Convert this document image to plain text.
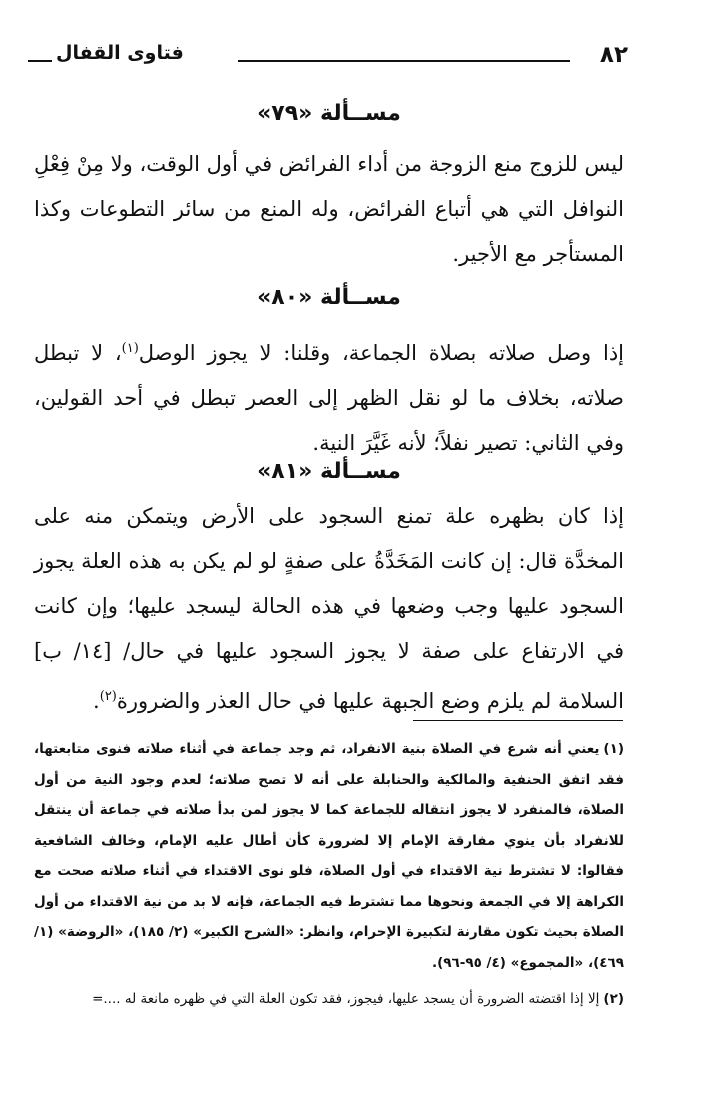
٨٢
فتاوى القفال

مســألة «٧٩»

ليس للزوج منع الزوجة من أداء الفرائض في أول الوقت، ولا مِنْ فِعْلِ النوافل التي هي أتباع الفرائض، وله المنع من سائر التطوعات وكذا المستأجر مع الأجير.

مســألة «٨٠»

إذا وصل صلاته بصلاة الجماعة، وقلنا: لا يجوز الوصل$^{(١)}$، لا تبطل صلاته، بخلاف ما لو نقل الظهر إلى العصر تبطل في أحد القولين، وفي الثاني: تصير نفلاً؛ لأنه غَيَّرَ النية.

مســألة «٨١»

إذا كان بظهره علة تمنع السجود على الأرض ويتمكن منه على المخدَّة قال: إن كانت المَخَدَّةُ على صفةٍ لو لم يكن به هذه العلة يجوز السجود عليها وجب وضعها في هذه الحالة ليسجد عليها؛ وإن كانت في الارتفاع على صفة لا يجوز السجود عليها في حال/ [١٤/ ب] السلامة لم يلزم وضع الجبهة عليها في حال العذر والضرورة$^{(٢)}$.

(١)يعني أنه شرع في الصلاة بنية الانفراد، ثم وجد جماعة في أثناء صلاته فنوى متابعتها، فقد اتفق الحنفية والمالكية والحنابلة على أنه لا تصح صلاته؛ لعدم وجود النية من أول الصلاة، فالمنفرد لا يجوز انتقاله للجماعة كما لا يجوز لمن بدأ صلاته في جماعة أن ينتقل للانفراد بأن ينوي مفارقة الإمام إلا لضرورة كأن أطال عليه الإمام، وخالف الشافعية فقالوا: لا تشترط نية الاقتداء في أول الصلاة، فلو نوى الاقتداء في أثناء صلاته صحت مع الكراهة إلا في الجمعة ونحوها مما تشترط فيه الجماعة، فإنه لا بد من نية الاقتداء من أول الصلاة بحيث تكون مقارنة لتكبيرة الإحرام، وانظر: «الشرح الكبير» (٢/ ١٨٥)، «الروضة» (١/ ٤٦٩)، «المجموع» (٤/ ٩٥-٩٦).

(٢)إلا إذا اقتضته الضرورة أن يسجد عليها، فيجوز، فقد تكون العلة التي في ظهره مانعة له ....=
